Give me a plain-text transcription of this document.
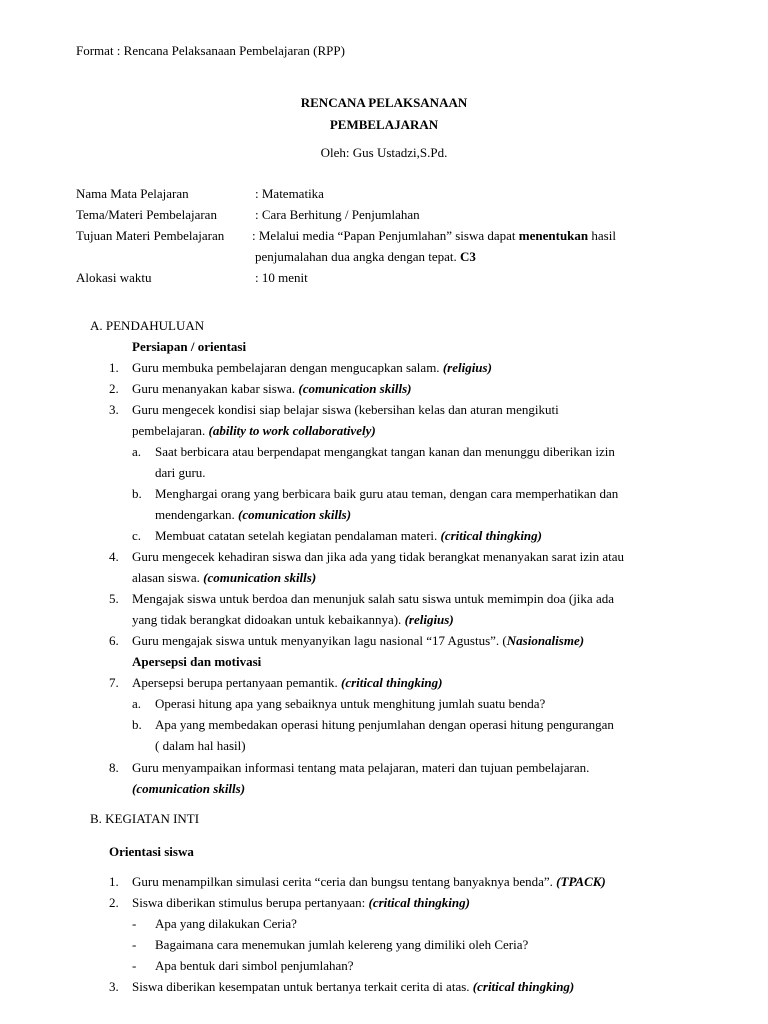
Format : Rencana Pelaksanaan Pembelajaran (RPP)
RENCANA PELAKSANAAN
PEMBELAJARAN
Oleh: Gus Ustadzi,S.Pd.
Nama Mata Pelajaran	: Matematika
Tema/Materi Pembelajaran	: Cara Berhitung / Penjumlahan
Tujuan Materi Pembelajaran : Melalui media “Papan Penjumlahan” siswa dapat menentukan hasil
penjumalahan dua angka dengan tepat. C3
Alokasi waktu	: 10 menit
A. PENDAHULUAN
Persiapan / orientasi
1. Guru membuka pembelajaran dengan mengucapkan salam. (religius)
2. Guru menanyakan kabar siswa. (comunication skills)
3. Guru mengecek kondisi siap belajar siswa (kebersihan kelas dan aturan mengikuti
pembelajaran. (ability to work collaboratively)
a. Saat berbicara atau berpendapat mengangkat tangan kanan dan menunggu diberikan izin
dari guru.
b. Menghargai orang yang berbicara baik guru atau teman, dengan cara memperhatikan dan
mendengarkan. (comunication skills)
c. Membuat catatan setelah kegiatan pendalaman materi. (critical thingking)
4. Guru mengecek kehadiran siswa dan jika ada yang tidak berangkat menanyakan sarat izin atau
alasan siswa. (comunication skills)
5. Mengajak siswa untuk berdoa dan menunjuk salah satu siswa untuk memimpin doa (jika ada
yang tidak berangkat didoakan untuk kebaikannya). (religius)
6. Guru mengajak siswa untuk menyanyikan lagu nasional “17 Agustus”. (Nasionalisme)
Apersepsi dan motivasi
7. Apersepsi berupa pertanyaan pemantik. (critical thingking)
a. Operasi hitung apa yang sebaiknya untuk menghitung jumlah suatu benda?
b. Apa yang membedakan operasi hitung penjumlahan dengan operasi hitung pengurangan
( dalam hal hasil)
8. Guru menyampaikan informasi tentang mata pelajaran, materi dan tujuan pembelajaran.
(comunication skills)
B. KEGIATAN INTI
Orientasi siswa
1. Guru menampilkan simulasi cerita “ceria dan bungsu tentang banyaknya benda”. (TPACK)
2. Siswa diberikan stimulus berupa pertanyaan: (critical thingking)
- Apa yang dilakukan Ceria?
- Bagaimana cara menemukan jumlah kelereng yang dimiliki oleh Ceria?
- Apa bentuk dari simbol penjumlahan?
3. Siswa diberikan kesempatan untuk bertanya terkait cerita di atas. (critical thingking)
